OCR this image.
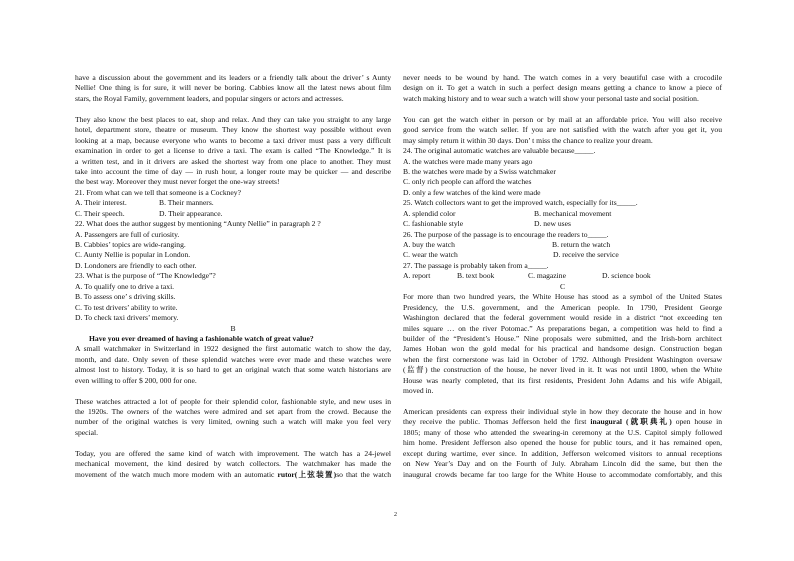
have a discussion about the government and its leaders or a friendly talk about the driver’ s Aunty
Nellie! One thing is for sure, it will never be boring. Cabbies know all the latest news about film
stars, the Royal Family, government leaders, and popular singers or actors and actresses.
They also know the best places to eat, shop and relax. And they can take you straight to any large
hotel, department store, theatre or museum. They know the shortest way possible without even
looking at a map, because everyone who wants to become a taxi driver must pass a very difficult
examination in order to get a license to drive a taxi. The exam is called “The Knowledge.” It is
a written test, and in it drivers are asked the shortest way from one place to another. They must
take into account the time of day — in rush hour, a longer route may be quicker — and describe
the best way. Moreover they must never forget the one-way streets!
21. From what can we tell that someone is a Cockney?
A. Their interest.	B. Their manners.
C. Their speech.	D. Their appearance.
22. What does the author suggest by mentioning “Aunty Nellie” in paragraph 2 ?
A. Passengers are full of curiosity.
B. Cabbies’ topics are wide-ranging.
C. Aunty Nellie is popular in London.
D. Londoners are friendly to each other.
23. What is the purpose of “The Knowledge”?
A. To qualify one to drive a taxi.
B. To assess one’ s driving skills.
C. To test drivers’ ability to write.
D. To check taxi drivers’ memory.
B
Have you ever dreamed of having a fashionable watch of great value?
A small watchmaker in Switzerland in 1922 designed the first automatic watch to show the day,
month, and date. Only seven of these splendid watches were ever made and these watches were
almost lost to history. Today, it is so hard to get an original watch that some watch historians are
even willing to offer $ 200, 000 for one.
These watches attracted a lot of people for their splendid color, fashionable style, and new uses in
the 1920s. The owners of the watches were admired and set apart from the crowd. Because the
number of the original watches is very limited, owning such a watch will make you feel very
special.
Today, you are offered the same kind of watch with improvement. The watch has a 24-jewel
mechanical movement, the kind desired by watch collectors. The watchmaker has made the
movement of the watch much more modem with an automatic rutor(上弦装置)so that the watch
never needs to be wound by hand. The watch comes in a very beautiful case with a crocodile
design on it. To get a watch in such a perfect design means getting a chance to know a piece of
watch making history and to wear such a watch will show your personal taste and social position.
You can get the watch either in person or by mail at an affordable price. You will also receive
good service from the watch seller. If you are not satisfied with the watch after you get it, you
may simply return it within 30 days. Don’ t miss the chance to realize your dream.
24. The original automatic watches are valuable because_____.
A. the watches were made many years ago
B. the watches were made by a Swiss watchmaker
C. only rich people can afford the watches
D. only a few watches of the kind were made
25. Watch collectors want to get the improved watch, especially for its_____.
A. splendid color	B. mechanical movement
C. fashionable style	D. new uses
26. The purpose of the passage is to encourage the readers to_____.
A. buy the watch	B. return the watch
C. wear the watch	D. receive the service
27. The passage is probably taken from a_____.
A. report	B. text book	C. magazine	D. science book
C
For more than two hundred years, the White House has stood as a symbol of the United States
Presidency, the U.S. government, and the American people. In 1790, President George
Washington declared that the federal government would reside in a district “not exceeding ten
miles square … on the river Potomac.” As preparations began, a competition was held to find a
builder of the “President’s House.” Nine proposals were submitted, and the Irish-born architect
James Hoban won the gold medal for his practical and handsome design. Construction began
when the first cornerstone was laid in October of 1792. Although President Washington oversaw
(监督) the construction of the house, he never lived in it. It was not until 1800, when the White
House was nearly completed, that its first residents, President John Adams and his wife Abigail,
moved in.
American presidents can express their individual style in how they decorate the house and in how
they receive the public. Thomas Jefferson held the first inaugural (就职典礼) open house in
1805; many of those who attended the swearing-in ceremony at the U.S. Capitol simply followed
him home. President Jefferson also opened the house for public tours, and it has remained open,
except during wartime, ever since. In addition, Jefferson welcomed visitors to annual receptions
on New Year’s Day and on the Fourth of July. Abraham Lincoln did the same, but then the
inaugural crowds became far too large for the White House to accommodate comfortably, and this
2
